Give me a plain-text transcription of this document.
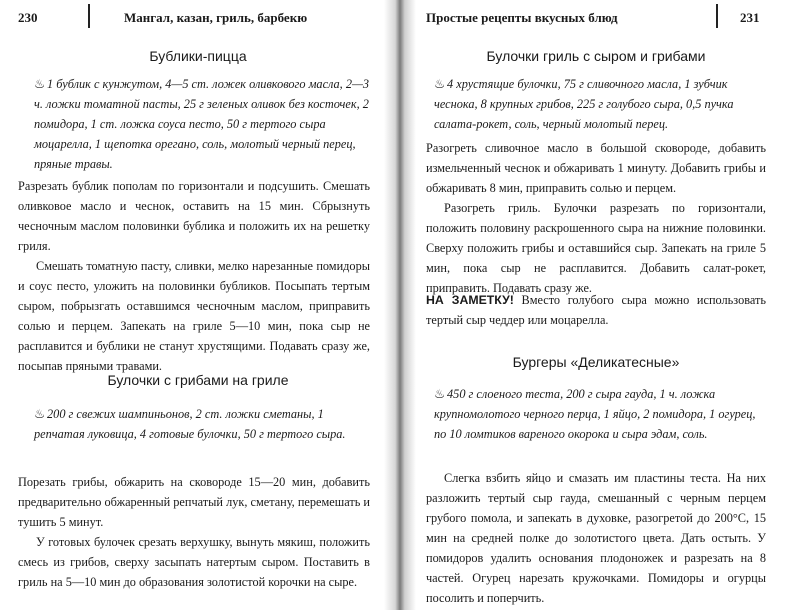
230	Мангал, казан, гриль, барбекю
Бублики-пицца
♨ 1 бублик с кунжутом, 4—5 ст. ложек оливкового масла, 2—3 ч. ложки томатной пасты, 25 г зеленых оливок без косточек, 2 помидора, 1 ст. ложка соуса песто, 50 г тертого сыра моцарелла, 1 щепотка орегано, соль, молотый черный перец, пряные травы.

Разрезать бублик пополам по горизонтали и подсушить. Смешать оливковое масло и чеснок, оставить на 15 мин. Сбрызнуть чесночным маслом половинки бублика и положить их на решетку гриля.

Смешать томатную пасту, сливки, мелко нарезанные помидоры и соус песто, уложить на половинки бубликов. Посыпать тертым сыром, побрызгать оставшимся чесночным маслом, приправить солью и перцем. Запекать на гриле 5—10 мин, пока сыр не расплавится и бублики не станут хрустящими. Подавать сразу же, посыпав пряными травами.

Булочки с грибами на гриле
♨ 200 г свежих шампиньонов, 2 ст. ложки сметаны, 1 репчатая луковица, 4 готовые булочки, 50 г тертого сыра.

Порезать грибы, обжарить на сковороде 15—20 мин, добавить предварительно обжаренный репчатый лук, сметану, перемешать и тушить 5 минут.

У готовых булочек срезать верхушку, вынуть мякиш, положить смесь из грибов, сверху засыпать натертым сыром. Поставить в гриль на 5—10 мин до образования золотистой корочки на сыре.

Простые рецепты вкусных блюд	231
Булочки гриль с сыром и грибами
♨ 4 хрустящие булочки, 75 г сливочного масла, 1 зубчик чеснока, 8 крупных грибов, 225 г голубого сыра, 0,5 пучка салата-рокет, соль, черный молотый перец.

Разогреть сливочное масло в большой сковороде, добавить измельченный чеснок и обжаривать 1 минуту. Добавить грибы и обжаривать 8 мин, приправить солью и перцем.

Разогреть гриль. Булочки разрезать по горизонтали, положить половину раскрошенного сыра на нижние половинки. Сверху положить грибы и оставшийся сыр. Запекать на гриле 5 мин, пока сыр не расплавится. Добавить салат-рокет, приправить. Подавать сразу же.

НА ЗАМЕТКУ! Вместо голубого сыра можно использовать тертый сыр чеддер или моцарелла.

Бургеры «Деликатесные»
♨ 450 г слоеного теста, 200 г сыра гауда, 1 ч. ложка крупномолотого черного перца, 1 яйцо, 2 помидора, 1 огурец, по 10 ломтиков вареного окорока и сыра эдам, соль.

Слегка взбить яйцо и смазать им пластины теста. На них разложить тертый сыр гауда, смешанный с черным перцем грубого помола, и запекать в духовке, разогретой до 200°C, 15 мин на средней полке до золотистого цвета. Дать остыть. У помидоров удалить основания плодоножек и разрезать на 8 частей. Огурец нарезать кружочками. Помидоры и огурцы посолить и поперчить.
